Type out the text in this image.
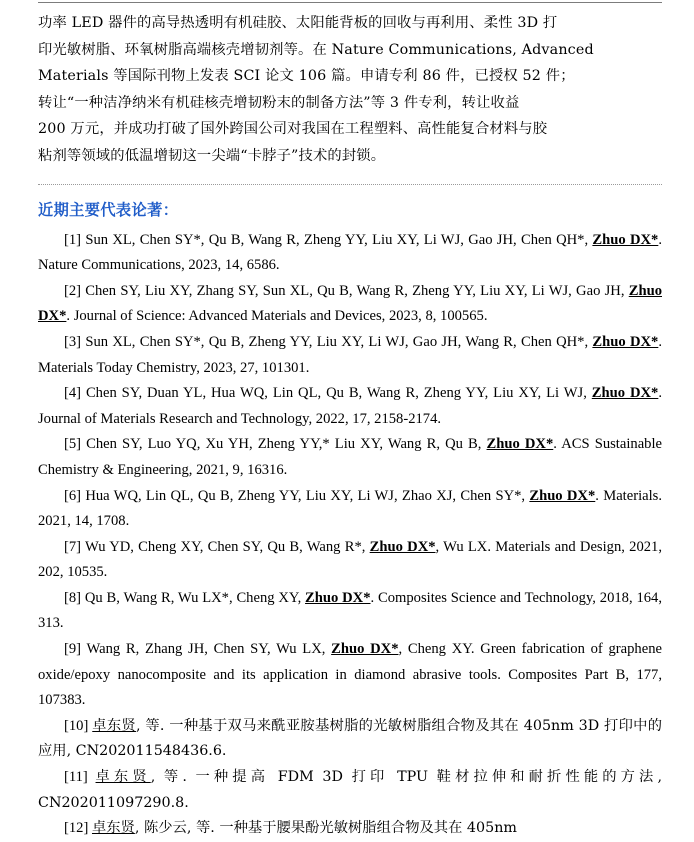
功率 LED 器件的高导热透明有机硅胶、太阳能背板的回收与再利用、柔性 3D 打
印光敏树脂、环氧树脂高端核壳增韧剂等。在 Nature Communications, Advanced
Materials 等国际刊物上发表 SCI 论文 106 篇。申请专利 86 件，已授权 52 件；
转让“一种洁净纳米有机硅核壳增韧粉末的制备方法”等 3 件专利，转让收益
200 万元，并成功打破了国外跨国公司对我国在工程塑料、高性能复合材料与胶
粘剂等领域的低温增韧这一尖端“卡脖子”技术的封锁。
近期主要代表论著：

[1] Sun XL, Chen SY*, Qu B, Wang R, Zheng YY, Liu XY, Li WJ, Gao JH, Chen QH*, Zhuo DX*. Nature Communications, 2023, 14, 6586.

[2] Chen SY, Liu XY, Zhang SY, Sun XL, Qu B, Wang R, Zheng YY, Liu XY, Li WJ, Gao JH, Zhuo DX*. Journal of Science: Advanced Materials and Devices, 2023, 8, 100565.

[3] Sun XL, Chen SY*, Qu B, Zheng YY, Liu XY, Li WJ, Gao JH, Wang R, Chen QH*, Zhuo DX*. Materials Today Chemistry, 2023, 27, 101301.

[4] Chen SY, Duan YL, Hua WQ, Lin QL, Qu B, Wang R, Zheng YY, Liu XY, Li WJ, Zhuo DX*. Journal of Materials Research and Technology, 2022, 17, 2158-2174.

[5] Chen SY, Luo YQ, Xu YH, Zheng YY,* Liu XY, Wang R, Qu B, Zhuo DX*. ACS Sustainable Chemistry & Engineering, 2021, 9, 16316.

[6] Hua WQ, Lin QL, Qu B, Zheng YY, Liu XY, Li WJ, Zhao XJ, Chen SY*, Zhuo DX*. Materials. 2021, 14, 1708.

[7] Wu YD, Cheng XY, Chen SY, Qu B, Wang R*, Zhuo DX*, Wu LX. Materials and Design, 2021, 202, 10535.

[8] Qu B, Wang R, Wu LX*, Cheng XY, Zhuo DX*. Composites Science and Technology, 2018, 164, 313.

[9] Wang R, Zhang JH, Chen SY, Wu LX, Zhuo DX*, Cheng XY. Green fabrication of graphene oxide/epoxy nanocomposite and its application in diamond abrasive tools. Composites Part B, 177, 107383.

[10] 卓东贤, 等. 一种基于双马来酰亚胺基树脂的光敏树脂组合物及其在 405nm 3D 打印中的应用, CN202011548436.6.

[11] 卓东贤, 等. 一种提高 FDM 3D 打印 TPU 鞋材拉伸和耐折性能的方法, CN202011097290.8.

[12] 卓东贤, 陈少云, 等. 一种基于腰果酚光敏树脂组合物及其在 405nm
